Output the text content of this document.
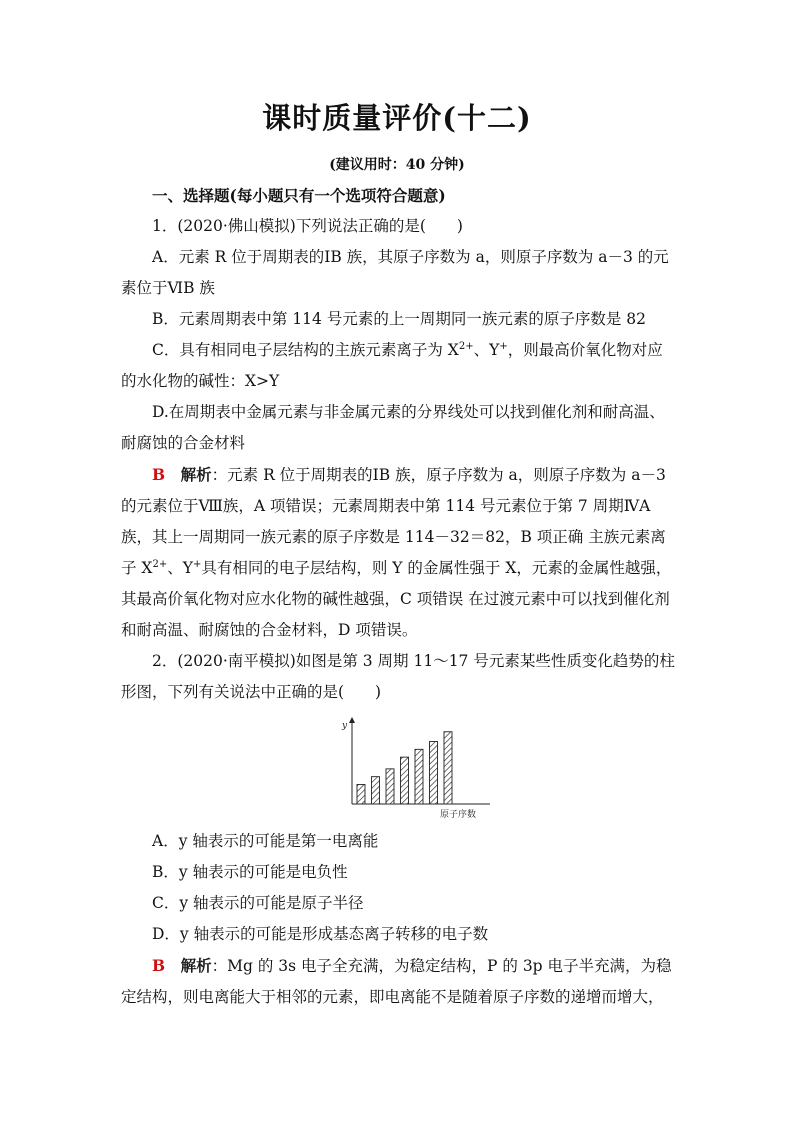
课时质量评价(十二)
(建议用时：40 分钟)

一、选择题(每小题只有一个选项符合题意)

1．(2020·佛山模拟)下列说法正确的是(　　)

A．元素 R 位于周期表的ⅠB 族，其原子序数为 a，则原子序数为 a－3 的元素位于ⅥB 族

B．元素周期表中第 114 号元素的上一周期同一族元素的原子序数是 82

C．具有相同电子层结构的主族元素离子为 $X^{2+}$、Y+，则最高价氧化物对应的水化物的碱性：X>Y

D.在周期表中金属元素与非金属元素的分界线处可以找到催化剂和耐高温、耐腐蚀的合金材料

B　 解析：元素 R 位于周期表的ⅠB 族，原子序数为 a，则原子序数为 a－3 的元素位于Ⅷ族，A 项错误；元素周期表中第 114 号元素位于第 7 周期ⅣA 族，其上一周期同一族元素的原子序数是 114－32＝82，B 项正确 主族元素离子 $X^{2+}$、Y+具有相同的电子层结构，则 Y 的金属性强于 X，元素的金属性越强，其最高价氧化物对应水化物的碱性越强，C 项错误 在过渡元素中可以找到催化剂和耐高温、耐腐蚀的合金材料，D 项错误。

2．(2020·南平模拟)如图是第 3 周期 11～17 号元素某些性质变化趋势的柱形图，下列有关说法中正确的是(　　)

y
原子序数

A．y 轴表示的可能是第一电离能

B．y 轴表示的可能是电负性

C．y 轴表示的可能是原子半径

D．y 轴表示的可能是形成基态离子转移的电子数

B　 解析：Mg 的 3s 电子全充满，为稳定结构，P 的 3p 电子半充满，为稳定结构，则电离能大于相邻的元素，即电离能不是随着原子序数的递增而增大，
